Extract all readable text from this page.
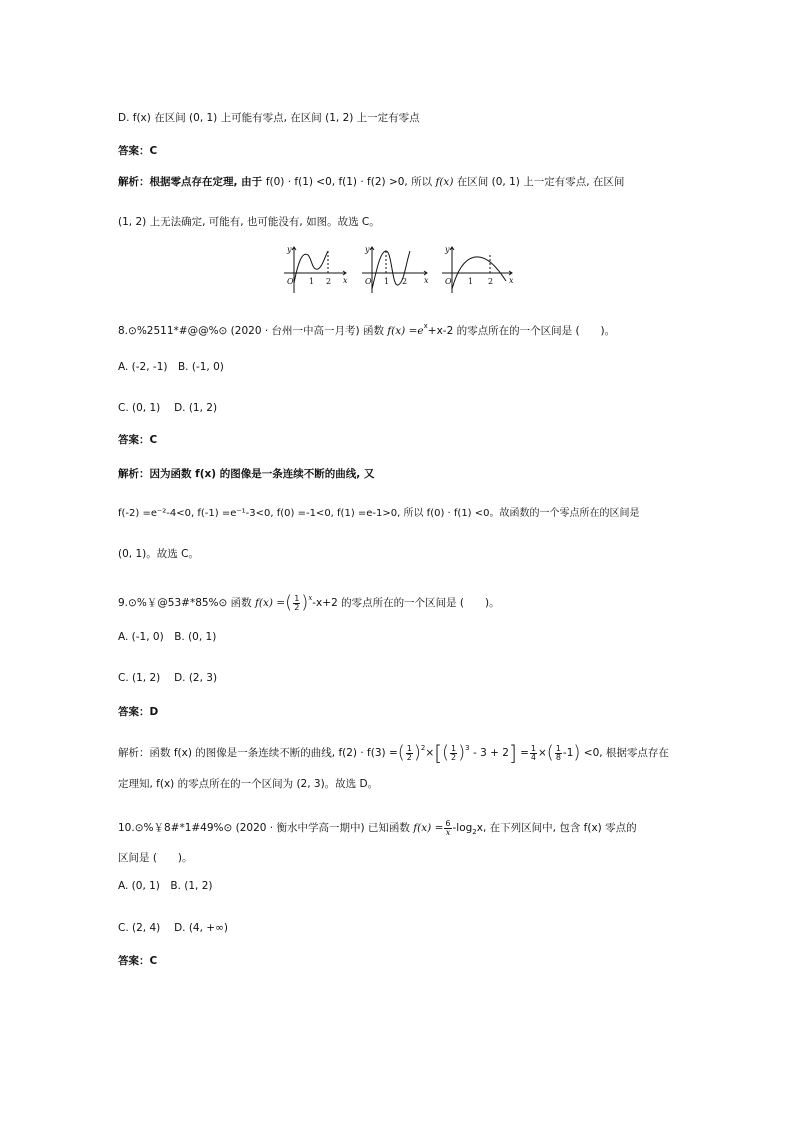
D. f(x) 在区间 (0, 1) 上可能有零点, 在区间 (1, 2) 上一定有零点
答案：C
解析：根据零点存在定理, 由于 f(0) · f(1) <0, f(1) · f(2) >0, 所以 f(x) 在区间 (0, 1) 上一定有零点, 在区间
(1, 2) 上无法确定, 可能有, 也可能没有, 如图。故选 C。
y
x
O 1 2
y
x
O 1 2
y
x
O 1 2
8.⊙%2511*#@@%⊙ (2020 · 台州一中高一月考) 函数 $f(x) =e^x+x-2$ 的零点所在的一个区间是 (　　)。
A. (-2, -1)　B. (-1, 0)
C. (0, 1)　 D. (1, 2)
答案：C
解析：因为函数 f(x) 的图像是一条连续不断的曲线, 又
f(-2) =e⁻²-4<0, f(-1) =e⁻¹-3<0, f(0) =-1<0, f(1) =e-1>0, 所以 f(0) · f(1) <0。故函数的一个零点所在的区间是
(0, 1)。故选 C。
9.⊙%￥@53#*85%⊙ 函数 f(x) =( $\frac{1}{2} )^x-x+2$ 的零点所在的一个区间是 (　　)。
A. (-1, 0)　B. (0, 1)
C. (1, 2)　 D. (2, 3)
答案：D
解析：函数 f(x) 的图像是一条连续不断的曲线, f(2) · f(3) =( $\frac{1}{2} )^2\times[( \frac{1}{2} )^3 - 3 + 2] = \frac{1}{4}$ ×( $\frac{1}{8} -1) <0$, 根据零点存在
定理知, f(x) 的零点所在的一个区间为 (2, 3)。故选 D。
10.⊙%￥8#*1#49%⊙ (2020 · 衡水中学高一期中) 已知函数 $f(x) = \frac{6}{x} -\log_2x$, 在下列区间中, 包含 f(x) 零点的
区间是 (　　)。
A. (0, 1)　B. (1, 2)
C. (2, 4)　 D. (4, +∞)
答案：C
